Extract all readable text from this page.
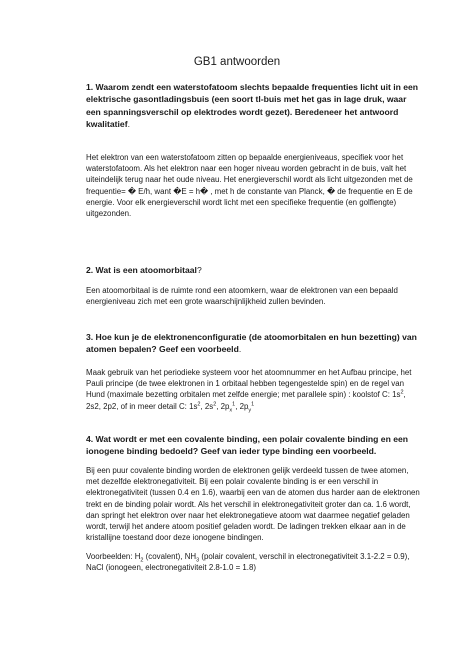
GB1 antwoorden

1. Waarom zendt een waterstofatoom slechts bepaalde frequenties licht uit in een elektrische gasontladingsbuis (een soort tl-buis met het gas in lage druk, waar een spanningsverschil op elektrodes wordt gezet). Beredeneer het antwoord kwalitatief.

Het elektron van een waterstofatoom zitten op bepaalde energieniveaus, specifiek voor het waterstofatoom. Als het elektron naar een hoger niveau worden gebracht in de buis, valt het uiteindelijk terug naar het oude niveau. Het energieverschil wordt als licht uitgezonden met de frequentie= � E/h, want �E = h� , met h de constante van Planck, � de frequentie en E de energie. Voor elk energieverschil wordt licht met een specifieke frequentie (en golflengte) uitgezonden.

2. Wat is een atoomorbitaal?

Een atoomorbitaal is de ruimte rond een atoomkern, waar de elektronen van een bepaald energieniveau zich met een grote waarschijnlijkheid zullen bevinden.

3. Hoe kun je de elektronenconfiguratie (de atoomorbitalen en hun bezetting) van atomen bepalen? Geef een voorbeeld.

Maak gebruik van het periodieke systeem voor het atoomnummer en het Aufbau principe, het Pauli principe (de twee elektronen in 1 orbitaal hebben tegengestelde spin) en de regel van Hund (maximale bezetting orbitalen met zelfde energie; met parallele spin) : koolstof C: $1s^2$, 2s2, 2p2, of in meer detail C: $1s^2$, $2s^2$, $2p_x^1$, $2p_y^1$

4. Wat wordt er met een covalente binding, een polair covalente binding en een ionogene binding bedoeld? Geef van ieder type binding een voorbeeld.

Bij een puur covalente binding worden de elektronen gelijk verdeeld tussen de twee atomen, met dezelfde elektronegativiteit. Bij een polair covalente binding is er een verschil in elektronegativiteit (tussen 0.4 en 1.6), waarbij een van de atomen dus harder aan de elektronen trekt en de binding polair wordt. Als het verschil in elektronegativiteit groter dan ca. 1.6 wordt, dan springt het elektron over naar het elektronegatieve atoom wat daarmee negatief geladen wordt, terwijl het andere atoom positief geladen wordt. De ladingen trekken elkaar aan in de kristallijne toestand door deze ionogene bindingen.

Voorbeelden: $H_2$ (covalent), $NH_3$ (polair covalent, verschil in electronegativiteit 3.1-2.2 = 0.9), NaCl (ionogeen, electronegativiteit 2.8-1.0 = 1.8)
